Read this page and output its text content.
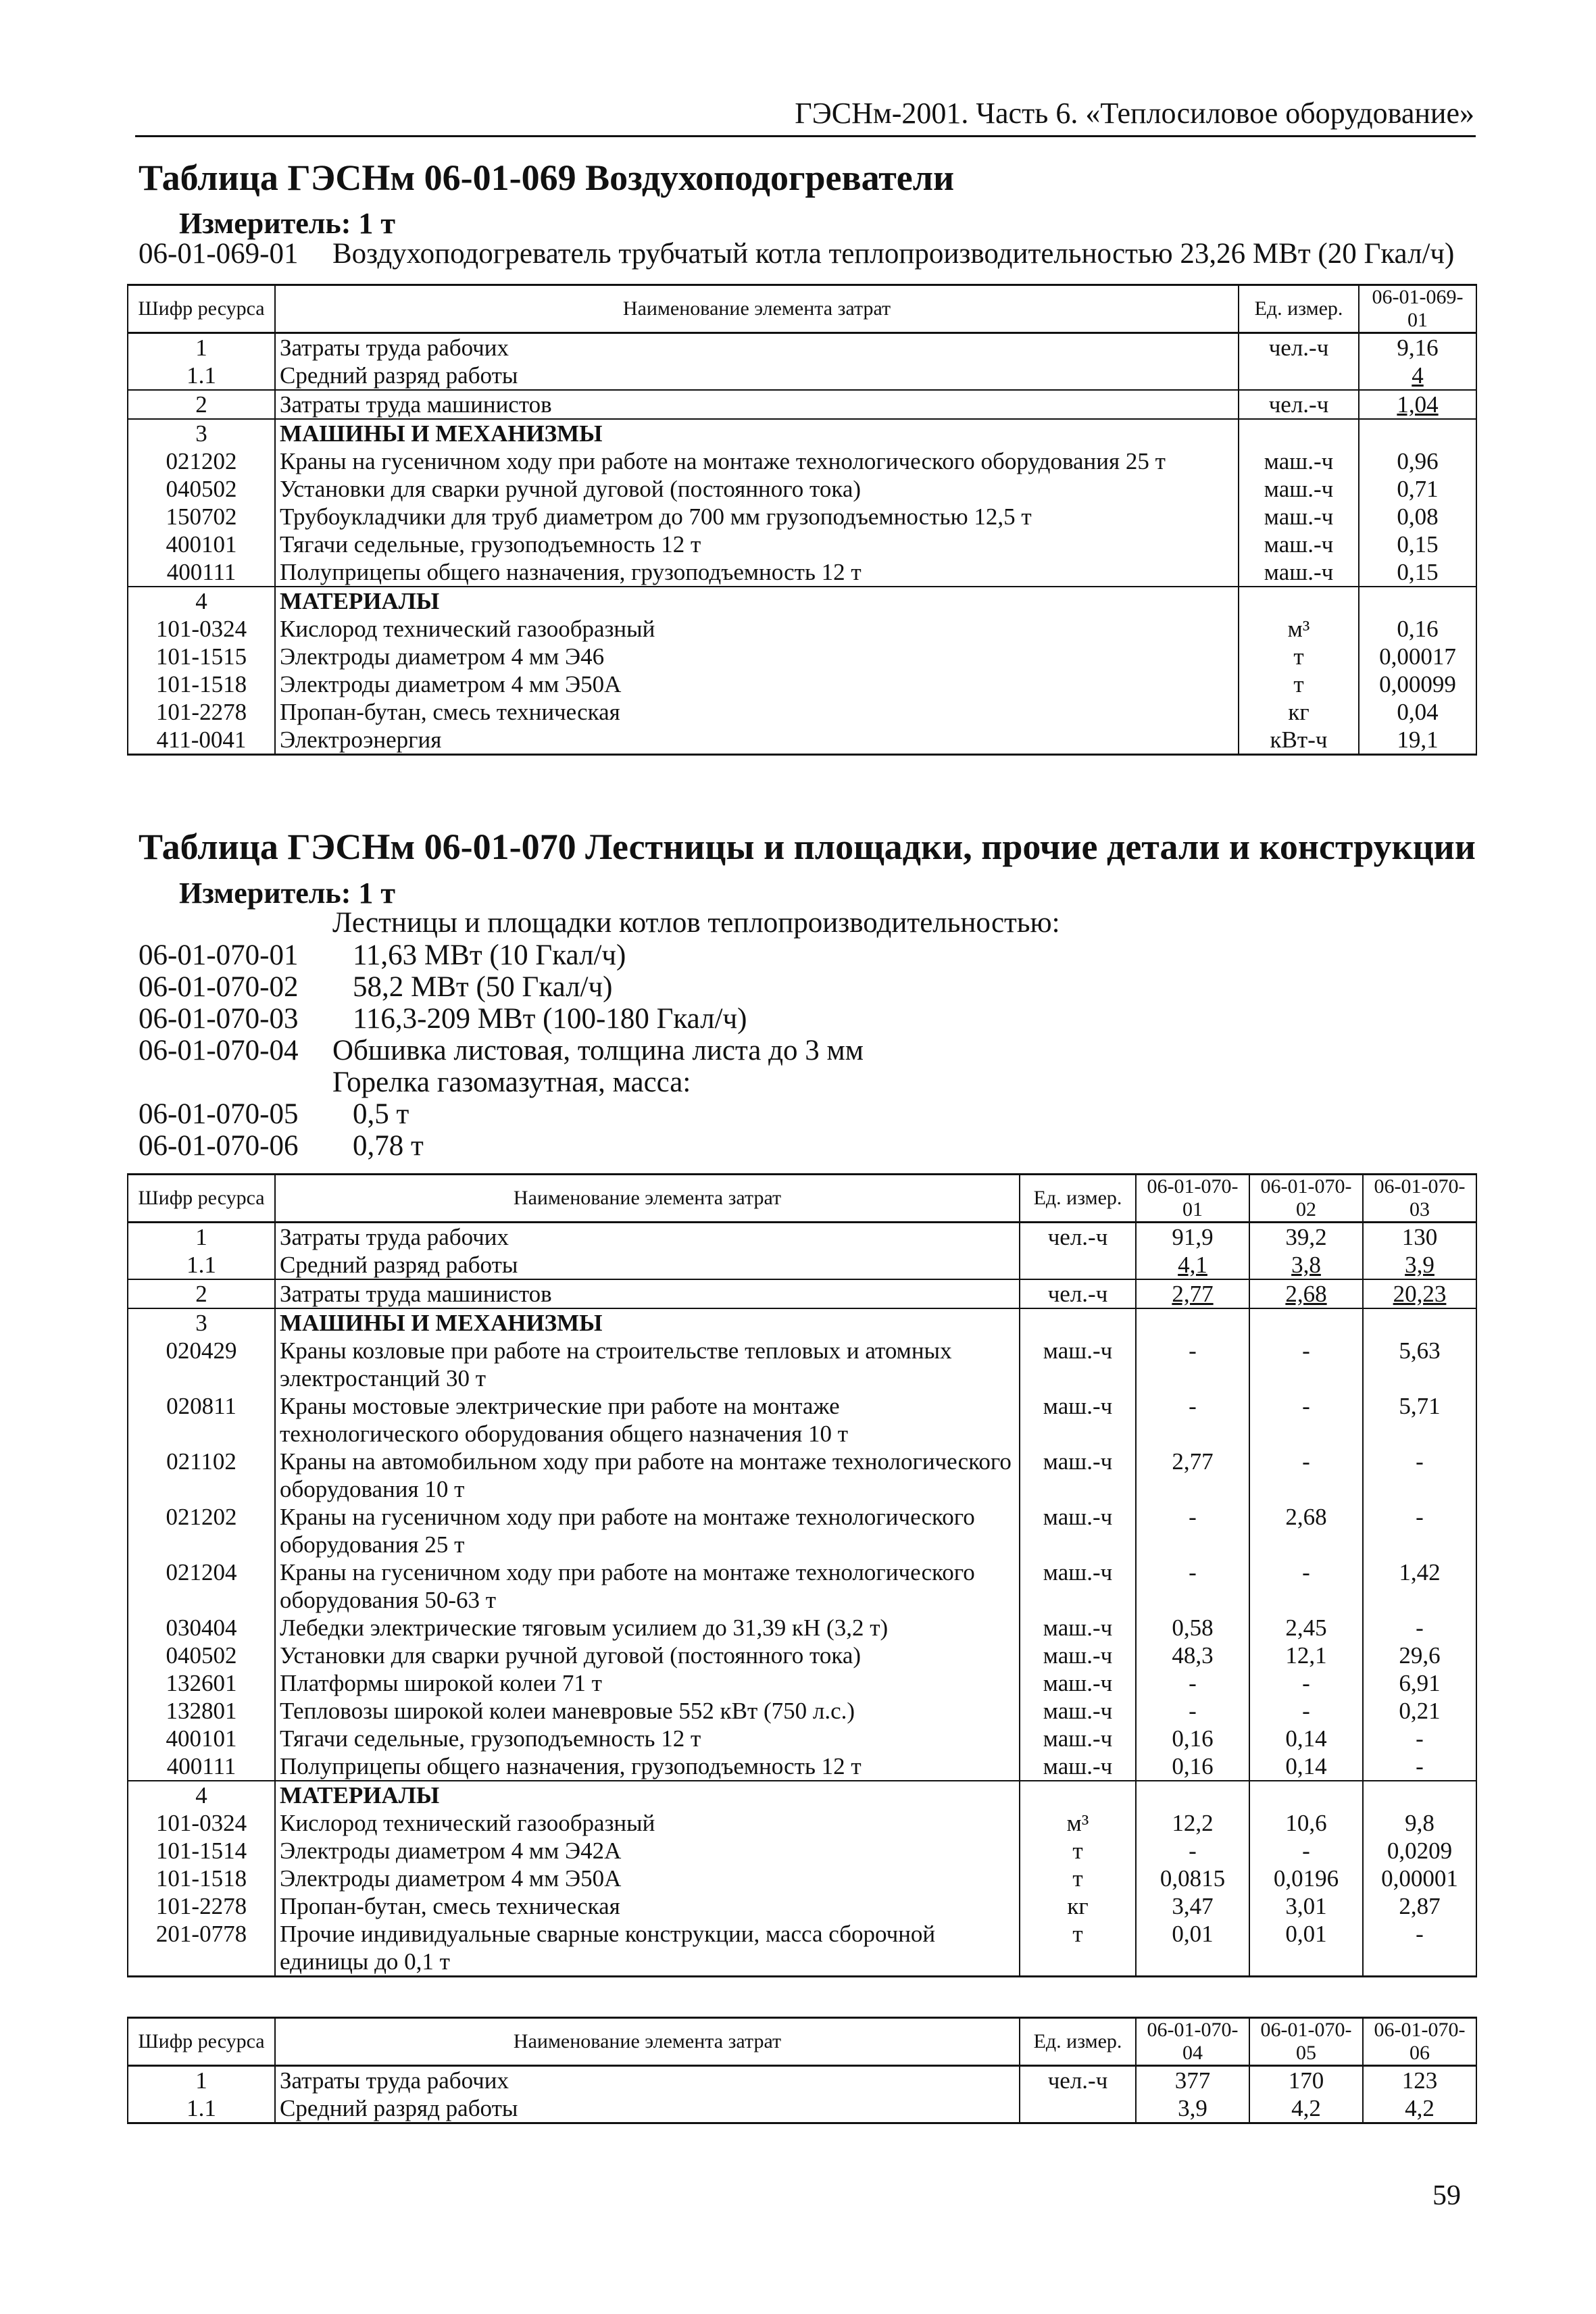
ГЭСНм-2001. Часть 6. «Теплосиловое оборудование»
Таблица ГЭСНм 06-01-069 Воздухоподогреватели
Измеритель: 1 т
06-01-069-01 Воздухоподогреватель трубчатый котла теплопроизводительностью 23,26 МВт (20 Гкал/ч)
Шифр ресурса	Наименование элемента затрат	Ед. измер.	06-01-069-01
1	Затраты труда рабочих	чел.-ч	9,16
1.1	Средний разряд работы		4
2	Затраты труда машинистов	чел.-ч	1,04
3	МАШИНЫ И МЕХАНИЗМЫ		
021202	Краны на гусеничном ходу при работе на монтаже технологического оборудования 25 т	маш.-ч	0,96
040502	Установки для сварки ручной дуговой (постоянного тока)	маш.-ч	0,71
150702	Трубоукладчики для труб диаметром до 700 мм грузоподъемностью 12,5 т	маш.-ч	0,08
400101	Тягачи седельные, грузоподъемность 12 т	маш.-ч	0,15
400111	Полуприцепы общего назначения, грузоподъемность 12 т	маш.-ч	0,15
4	МАТЕРИАЛЫ		
101-0324	Кислород технический газообразный	м³	0,16
101-1515	Электроды диаметром 4 мм Э46	т	0,00017
101-1518	Электроды диаметром 4 мм Э50А	т	0,00099
101-2278	Пропан-бутан, смесь техническая	кг	0,04
411-0041	Электроэнергия	кВт-ч	19,1
Таблица ГЭСНм 06-01-070 Лестницы и площадки, прочие детали и конструкции
Измеритель: 1 т
Лестницы и площадки котлов теплопроизводительностью:
06-01-070-01 11,63 МВт (10 Гкал/ч)
06-01-070-02 58,2 МВт (50 Гкал/ч)
06-01-070-03 116,3-209 МВт (100-180 Гкал/ч)
06-01-070-04 Обшивка листовая, толщина листа до 3 мм
Горелка газомазутная, масса:
06-01-070-05 0,5 т
06-01-070-06 0,78 т
Шифр ресурса	Наименование элемента затрат	Ед. измер.	06-01-070-01	06-01-070-02	06-01-070-03
1	Затраты труда рабочих	чел.-ч	91,9	39,2	130
1.1	Средний разряд работы		4,1	3,8	3,9
2	Затраты труда машинистов	чел.-ч	2,77	2,68	20,23
3	МАШИНЫ И МЕХАНИЗМЫ				
020429	Краны козловые при работе на строительстве тепловых и атомных электростанций 30 т	маш.-ч	-	-	5,63
020811	Краны мостовые электрические при работе на монтаже технологического оборудования общего назначения 10 т	маш.-ч	-	-	5,71
021102	Краны на автомобильном ходу при работе на монтаже технологического оборудования 10 т	маш.-ч	2,77	-	-
021202	Краны на гусеничном ходу при работе на монтаже технологического оборудования 25 т	маш.-ч	-	2,68	-
021204	Краны на гусеничном ходу при работе на монтаже технологического оборудования 50-63 т	маш.-ч	-	-	1,42
030404	Лебедки электрические тяговым усилием до 31,39 кН (3,2 т)	маш.-ч	0,58	2,45	-
040502	Установки для сварки ручной дуговой (постоянного тока)	маш.-ч	48,3	12,1	29,6
132601	Платформы широкой колеи 71 т	маш.-ч	-	-	6,91
132801	Тепловозы широкой колеи маневровые 552 кВт (750 л.с.)	маш.-ч	-	-	0,21
400101	Тягачи седельные, грузоподъемность 12 т	маш.-ч	0,16	0,14	-
400111	Полуприцепы общего назначения, грузоподъемность 12 т	маш.-ч	0,16	0,14	-
4	МАТЕРИАЛЫ				
101-0324	Кислород технический газообразный	м³	12,2	10,6	9,8
101-1514	Электроды диаметром 4 мм Э42А	т	-	-	0,0209
101-1518	Электроды диаметром 4 мм Э50А	т	0,0815	0,0196	0,00001
101-2278	Пропан-бутан, смесь техническая	кг	3,47	3,01	2,87
201-0778	Прочие индивидуальные сварные конструкции, масса сборочной единицы до 0,1 т	т	0,01	0,01	-
Шифр ресурса	Наименование элемента затрат	Ед. измер.	06-01-070-04	06-01-070-05	06-01-070-06
1	Затраты труда рабочих	чел.-ч	377	170	123
1.1	Средний разряд работы		3,9	4,2	4,2
59
